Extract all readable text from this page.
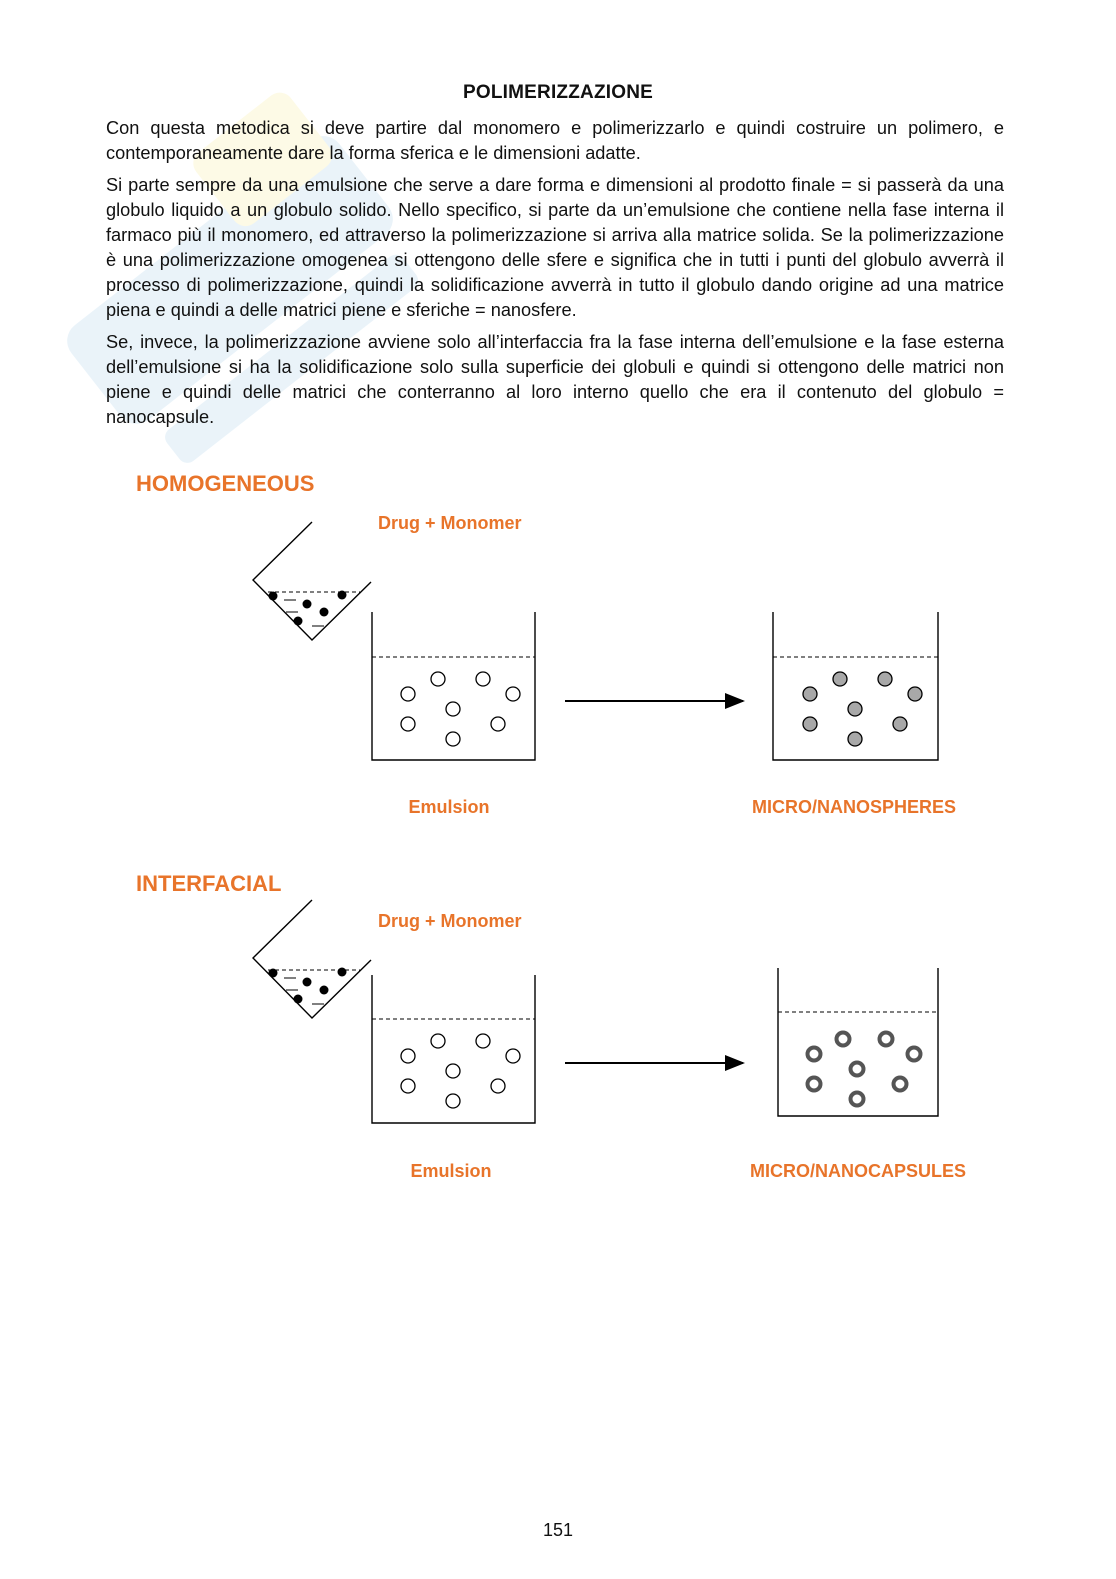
POLIMERIZZAZIONE

Con questa metodica si deve partire dal monomero e polimerizzarlo e quindi costruire un polimero, e contemporaneamente dare la forma sferica e le dimensioni adatte.

Si parte sempre da una emulsione che serve a dare forma e dimensioni al prodotto finale = si passerà da una globulo liquido a un globulo solido. Nello specifico, si parte da un’emulsione che contiene nella fase interna il farmaco più il monomero, ed attraverso la polimerizzazione si arriva alla matrice solida. Se la polimerizzazione è una polimerizzazione omogenea si ottengono delle sfere e significa che in tutti i punti del globulo avverrà il processo di polimerizzazione, quindi la solidificazione avverrà in tutto il globulo dando origine ad una matrice piena e quindi a delle matrici piene e sferiche = nanosfere.

Se, invece, la polimerizzazione avviene solo all’interfaccia fra la fase interna dell’emulsione e la fase esterna dell’emulsione si ha la solidificazione solo sulla superficie dei globuli e quindi si ottengono delle matrici non piene e quindi delle matrici che conterranno al loro interno quello che era il contenuto del globulo = nanocapsule.

HOMOGENEOUS
Drug + Monomer
Emulsion	MICRO/NANOSPHERES
INTERFACIAL
Drug + Monomer
Emulsion	MICRO/NANOCAPSULES
151
